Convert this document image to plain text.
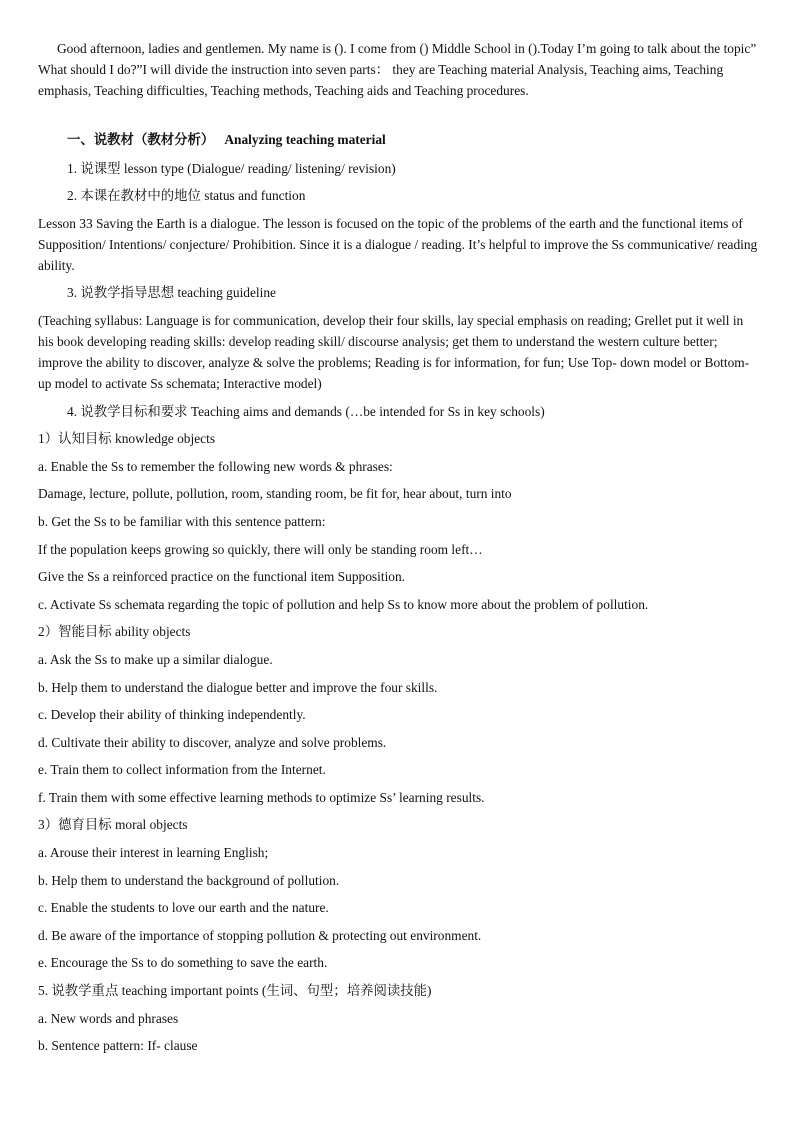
Good afternoon, ladies and gentlemen. My name is (). I come from () Middle School in ().Today I’m going to talk about the topic” What should I do?”I will divide the instruction into seven parts： they are Teaching material Analysis, Teaching aims, Teaching emphasis, Teaching difficulties, Teaching methods, Teaching aids and Teaching procedures.

一、说教材（教材分析） Analyzing teaching material

1. 说课型 lesson type (Dialogue/ reading/ listening/ revision)

2. 本课在教材中的地位 status and function

Lesson 33 Saving the Earth is a dialogue. The lesson is focused on the topic of the problems of the earth and the functional items of Supposition/ Intentions/ conjecture/ Prohibition. Since it is a dialogue / reading. It’s helpful to improve the Ss communicative/ reading ability.

3. 说教学指导思想 teaching guideline

(Teaching syllabus: Language is for communication, develop their four skills, lay special emphasis on reading; Grellet put it well in his book developing reading skills: develop reading skill/ discourse analysis; get them to understand the western culture better; improve the ability to discover, analyze & solve the problems; Reading is for information, for fun; Use Top- down model or Bottom- up model to activate Ss schemata; Interactive model)

4. 说教学目标和要求 Teaching aims and demands (…be intended for Ss in key schools)

1）认知目标 knowledge objects

a. Enable the Ss to remember the following new words & phrases:

Damage, lecture, pollute, pollution, room, standing room, be fit for, hear about, turn into

b. Get the Ss to be familiar with this sentence pattern:

If the population keeps growing so quickly, there will only be standing room left…

Give the Ss a reinforced practice on the functional item Supposition.

c. Activate Ss schemata regarding the topic of pollution and help Ss to know more about the problem of pollution.

2）智能目标 ability objects

a. Ask the Ss to make up a similar dialogue.

b. Help them to understand the dialogue better and improve the four skills.

c. Develop their ability of thinking independently.

d. Cultivate their ability to discover, analyze and solve problems.

e. Train them to collect information from the Internet.

f. Train them with some effective learning methods to optimize Ss’ learning results.

3）德育目标 moral objects

a. Arouse their interest in learning English;

b. Help them to understand the background of pollution.

c. Enable the students to love our earth and the nature.

d. Be aware of the importance of stopping pollution & protecting out environment.

e. Encourage the Ss to do something to save the earth.

5. 说教学重点 teaching important points (生词、句型；培养阅读技能)

a. New words and phrases

b. Sentence pattern: If- clause
